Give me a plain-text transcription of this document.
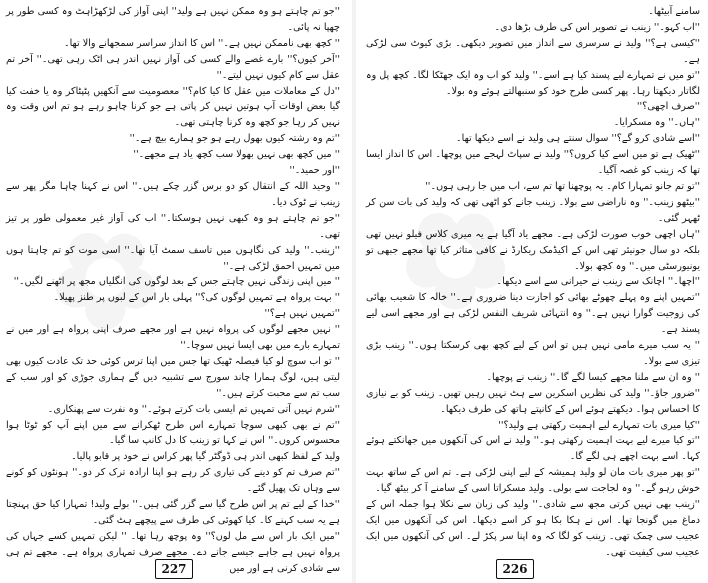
''جو تم چاہتے ہو وہ ممکن نہیں ہے ولید'' اپنی آواز کی لڑکھڑاہٹ وہ کسی طور پر چھپا نہ پائی۔

'' کچھ بھی ناممکن نہیں ہے۔'' اس کا انداز سراسر سمجھانے والا تھا۔

''آخر کیوں؟'' بارے غصے والے کسی کی آواز نہیں اندر ہی اٹک رہی تھی۔'' آخر تم عقل سے کام کیوں نہیں لیتے۔''

''دل کے معاملات میں عقل کا کیا کام؟'' معصومیت سے آنکھیں پٹپٹاکر وہ یا خفت کیا گیا بعض اوقات آپ ہوتیں نہیں کر پاتی ہے جو کرنا چاہو رہے ہو تم اس وقت وہ نہیں کر رہا جو کچھ وہ کرنا چاہتی تھی۔

''تم وہ رشتہ کیوں بھول رہے ہو جو ہمارے بیچ ہے۔''

'' میں کچھ بھی نہیں بھولا سب کچھ یاد ہے مجھے۔''

''اور حمید۔''

'' وحید اللہ کے انتقال کو دو برس گزر چکے ہیں۔'' اس نے کہنا چاہا مگر پھر سے زینب نے ٹوک دیا۔

''جو تم چاہتے ہو وہ کبھی نہیں ہوسکتا۔'' اب کی آواز غیر معمولی طور پر تیز تھی۔

''زینب۔'' ولید کی نگاہوں میں تاسف سمٹ آیا تھا۔'' اسی موت کو تم چاہتا ہوں میں تمہیں احمق لڑکی ہے۔''

'' میں اپنی زندگی نہیں چاہتے جس کے بعد لوگوں کی انگلیاں مجھ پر اٹھنے لگیں۔''

'' بہت پرواہ ہے تمہیں لوگوں کی؟'' پہلی بار اس کے لبوں پر طنز پھیلا۔

''تمہیں نہیں ہے؟''

'' نہیں مجھے لوگوں کی پرواہ نہیں ہے اور مجھے صرف اپنی پرواہ ہے اور میں نے تمہارے بارے میں بھی ایسا نہیں سوچا۔''

'' تو اب سوچ لو کیا فیصلہ ٹھیک تھا جس میں اپنا ترس کوئی حد تک عادت کیوں بھی لیتی ہیں، لوگ ہمارا چاند سورج سے تشبیہ دیں گے ہماری جوڑی کو اور سب کے سب تم سے محبت کرتے ہیں۔''

''شرم نہیں آتی تمہیں تم ایسی بات کرتے ہوئے۔'' وہ نفرت سے پھنکاری۔

''تم نے بھی کبھی سوچا تمہارے اس طرح ٹھکرانے سے میں اپنے آپ کو ٹوٹا ہوا محسوس کروں۔'' اس نے کہا تو زینب کا دل کانپ سا گیا۔

ولید کے لفظ کبھی اندر ہی ڈوگٹر گیا پھر کراس نے خود پر قابو پالیا۔

''تم صرف تم کو دینے کی تیاری کر رہے ہو اپنا ارادہ ترک کر دو۔'' ہونٹوں کو کونے سے وہاں تک پھیل گئے۔

''خدا کے لیے تم پر اس طرح گیا سے گزر گئی ہیں۔'' بولے ولید! تمہارا کیا حق پہنچتا ہے یہ سب کہنے کا۔ کیا کھوئی کی طرف سے پیچھے ہٹ گئی۔

''میں ایک بار اس سے مل لوں؟'' وہ پوچھ رہا تھا۔ '' لیکن تمہیں کسے جہاں کی پرواہ نہیں ہے جاہے جیسے جانے دے۔ مجھے صرف تمہاری پرواہ ہے۔ مجھے تم ہی سے شادی کرنی ہے اور میں

227

سامنے آبیٹھا۔

''اب کہو۔'' زینب نے تصویر اس کی طرف بڑھا دی۔

''کیسی ہے؟'' ولید نے سرسری سے انداز میں تصویر دیکھی۔ بڑی کیوٹ سی لڑکی ہے۔

''تو میں نے تمہارے لیے پسند کیا ہے اسے۔'' ولید کو اب وہ ایک جھٹکا لگا۔ کچھ پل وہ لگاتار دیکھتا رہا۔ پھر کسی طرح خود کو سنبھالتے ہوئے وہ بولا۔

''صرف اچھی؟''

''ہاں۔'' وہ مسکرایا۔

''اسے شادی کرو گے؟'' سوال سنتے ہی ولید نے اسے دیکھا تھا۔

''ٹھیک ہے تو میں اسے کیا کروں؟'' ولید نے سپاٹ لہجے میں پوچھا۔ اس کا انداز ایسا تھا کہ زینب کو غصہ آگیا۔

''تو تم جانو تمہارا کام۔ یہ پوچھنا تھا تم سے، اب میں جا رہی ہوں۔''

''بیٹھو زینب۔'' وہ ناراضی سے بولا۔ زینب جانے کو اٹھی تھی کہ ولید کی بات سن کر ٹھہر گئی۔

''ہاں اچھی خوب صورت لڑکی ہے۔ مجھے یاد آگیا ہے یہ میری کلاس فیلو نہیں تھی بلکہ دو سال جونیئر تھی اس کے اکیڈمک ریکارڈ نے کافی متاثر کیا تھا مجھے جبھی تو یونیورسٹی میں۔'' وہ کچھ بولا۔

''اچھا۔'' اچانک سے زینب نے حیرانی سے اسے دیکھا۔

''تمہیں اپنے وہ پہلے چھوٹے بھائی کو اجازت دینا ضروری ہے۔'' خالہ کا شعیب بھائی کی زوجیت گوارا نہیں ہے۔'' وہ انتہائی شریف النفس لڑکی ہے اور مجھے اسی لیے پسند ہے۔

'' یہ سب میرے مامی نہیں ہیں تو اس کے لیے کچھ بھی کرسکتا ہوں۔'' زینب بڑی تیزی سے بولا۔

'' وہ ان سے ملنا مجھے کیسا لگے گا۔'' زینب نے پوچھا۔

''ضرور جاؤ۔'' ولید کی نظریں اسکرین سے ہٹ نہیں رہیں تھیں۔ زینب کو بے نیازی کا احساس ہوا۔ دیکھتے ہوئے اس کے کانپتے ہاتھ کی طرف دیکھا۔

''کیا میری بات تمہارے لیے اہمیت رکھتی ہے ولید؟''

''تو کیا میرے لیے بہت اہمیت رکھتی ہو۔'' ولید نے اس کی آنکھوں میں جھانکتے ہوئے کہا۔ اسے بہت اچھے ہی لگے گا۔

''تو پھر میری بات مان لو ولید ہمیشہ کے لیے اپنی لڑکی ہے۔ تم اس کے ساتھ بہت خوش رہو گے۔'' وہ لجاجت سے بولی۔ ولید مسکراتا اسی کے سامنے آ کر بیٹھ گیا۔

''زینب بھی نہیں کرتی مجھ سے شادی۔'' ولید کی زبان سے نکلا ہوا جملہ اس کے دماغ میں گونجا تھا۔ اس نے ہکا بکا ہو کر اسے دیکھا۔ اس کی آنکھوں میں ایک عجیب سی چمک تھی۔ زینب کو لگا کہ وہ اپنا سر پکڑ لے۔ اس کی آنکھوں میں ایک عجیب سی کیفیت تھی۔

226
